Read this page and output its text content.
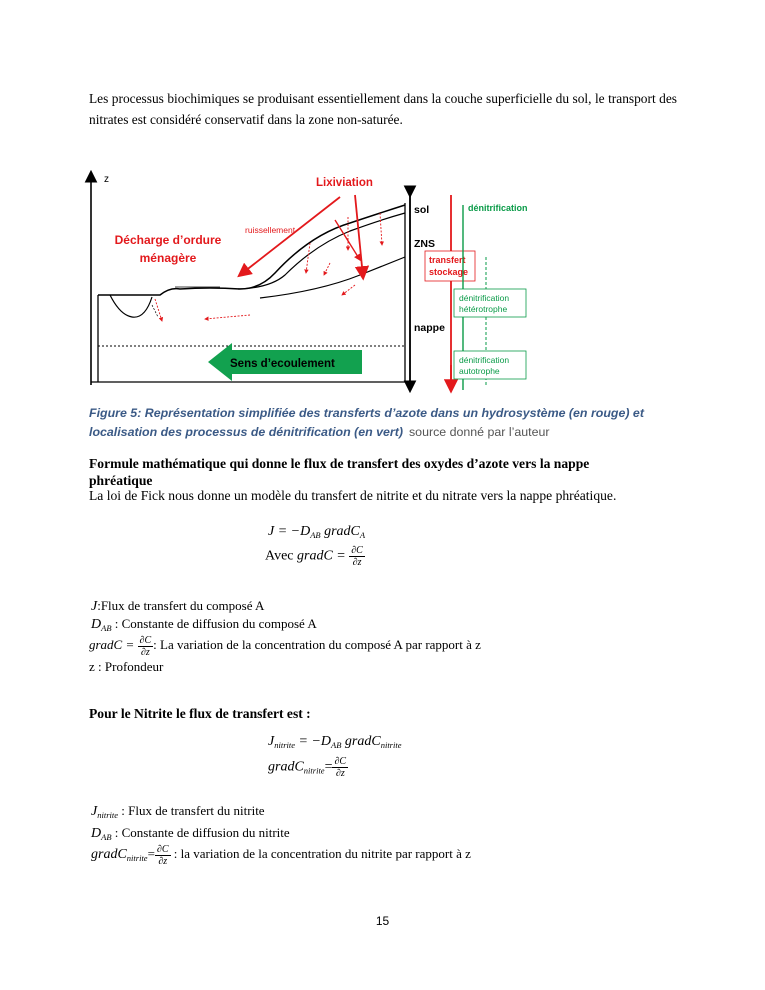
Les processus biochimiques se produisant essentiellement dans la couche superficielle du sol, le transport des nitrates est considéré conservatif dans la zone non-saturée.
z
sol
ZNS
nappe
transfert
stockage
dénitrification
dénitrification
hétérotrophe
dénitrification
autotrophe
Lixiviation
ruissellement
Décharge d’ordure
ménagère
Sens d’ecoulement
Figure 5: Représentation simplifiée des transferts d’azote dans un hydrosystème (en rouge) et
localisation des processus de dénitrification (en vert) source donné par l’auteur
Formule mathématique qui donne le flux de transfert des oxydes d’azote vers la nappe
phréatique
La loi de Fick nous donne un modèle du transfert de nitrite et du nitrate vers la nappe phréatique.
$J = -D_{AB}$ gradC$_A$
Avec gradC = $\frac{\partial C}{\partial z}$
J:Flux de transfert du composé A
$D_{AB}$ : Constante de diffusion du composé A
gradC = $\frac{\partial C}{\partial z}$ : La variation de la concentration du composé A par rapport à z
z : Profondeur
Pour le Nitrite le flux de transfert est :
$J_{nitrite} = -D_{AB}$ gradC$_{nitrite}$
gradC$_{nitrite}$= $\frac{\partial C}{\partial z}$
$J_{nitrite}$ : Flux de transfert du nitrite
$D_{AB}$ : Constante de diffusion du nitrite
gradC$_{nitrite}$= $\frac{\partial C}{\partial z}$ : la variation de la concentration du nitrite par rapport à z
15
